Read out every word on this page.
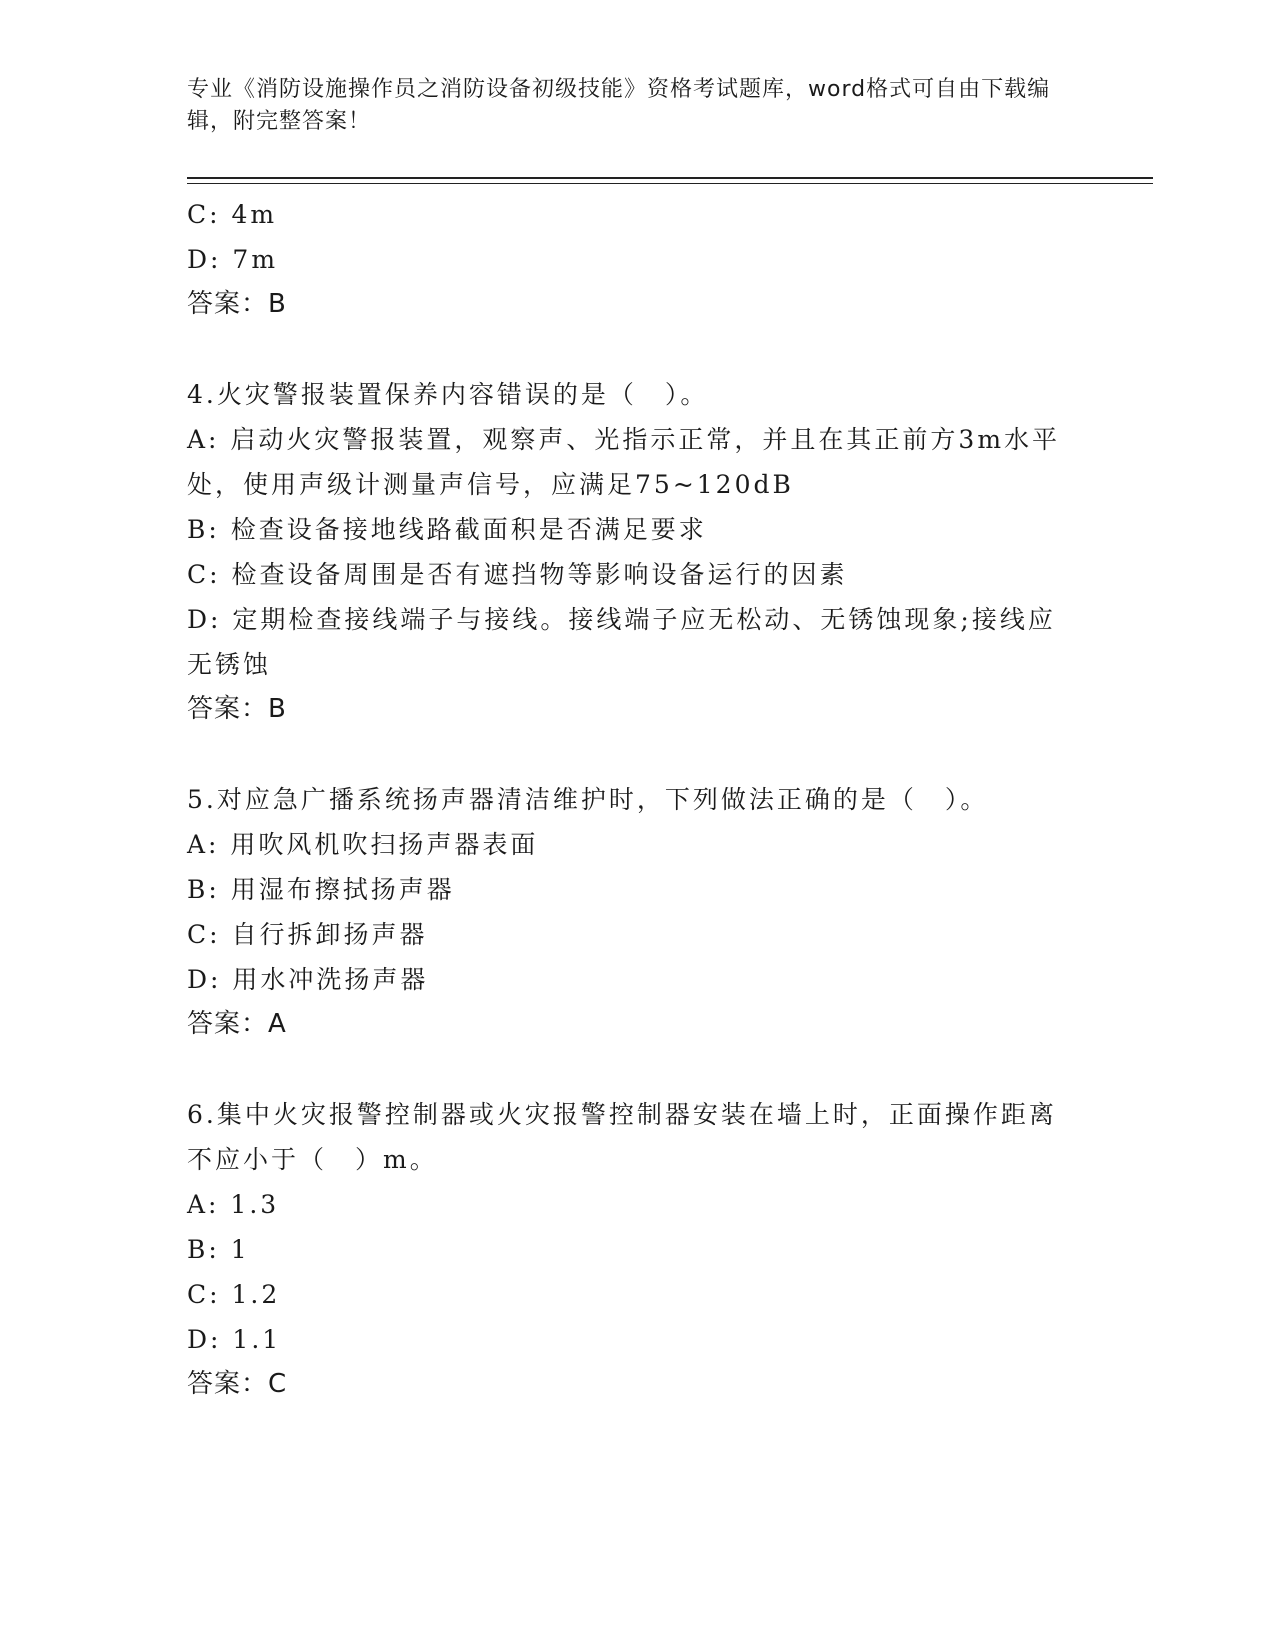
专业《消防设施操作员之消防设备初级技能》资格考试题库，word格式可自由下载编辑，附完整答案！
C: 4m
D: 7m
答案：B
4.火灾警报装置保养内容错误的是（　）。
A: 启动火灾警报装置，观察声、光指示正常，并且在其正前方3m水平处，使用声级计测量声信号，应满足75~120dB
B: 检查设备接地线路截面积是否满足要求
C: 检查设备周围是否有遮挡物等影响设备运行的因素
D: 定期检查接线端子与接线。接线端子应无松动、无锈蚀现象;接线应无锈蚀
答案：B
5.对应急广播系统扬声器清洁维护时，下列做法正确的是（　）。
A: 用吹风机吹扫扬声器表面
B: 用湿布擦拭扬声器
C: 自行拆卸扬声器
D: 用水冲洗扬声器
答案：A
6.集中火灾报警控制器或火灾报警控制器安装在墙上时，正面操作距离不应小于（　）m。
A: 1.3
B: 1
C: 1.2
D: 1.1
答案：C
